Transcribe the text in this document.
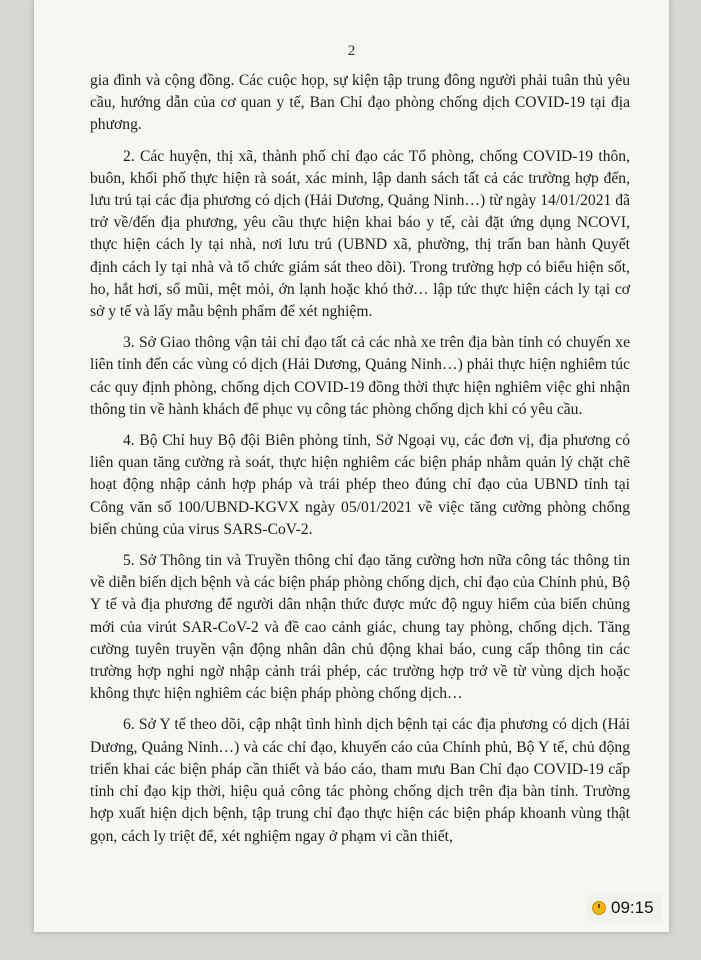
2

gia đình và cộng đồng. Các cuộc họp, sự kiện tập trung đông người phải tuân thủ yêu cầu, hướng dẫn của cơ quan y tế, Ban Chỉ đạo phòng chống dịch COVID-19 tại địa phương.

2. Các huyện, thị xã, thành phố chỉ đạo các Tổ phòng, chống COVID-19 thôn, buôn, khối phố thực hiện rà soát, xác minh, lập danh sách tất cả các trường hợp đến, lưu trú tại các địa phương có dịch (Hải Dương, Quảng Ninh…) từ ngày 14/01/2021 đã trở về/đến địa phương, yêu cầu thực hiện khai báo y tế, cài đặt ứng dụng NCOVI, thực hiện cách ly tại nhà, nơi lưu trú (UBND xã, phường, thị trấn ban hành Quyết định cách ly tại nhà và tổ chức giám sát theo dõi). Trong trường hợp có biểu hiện sốt, ho, hắt hơi, sổ mũi, mệt mỏi, ớn lạnh hoặc khó thở… lập tức thực hiện cách ly tại cơ sở y tế và lấy mẫu bệnh phẩm để xét nghiệm.

3. Sở Giao thông vận tải chỉ đạo tất cả các nhà xe trên địa bàn tỉnh có chuyến xe liên tỉnh đến các vùng có dịch (Hải Dương, Quảng Ninh…) phải thực hiện nghiêm túc các quy định phòng, chống dịch COVID-19 đồng thời thực hiện nghiêm việc ghi nhận thông tin về hành khách để phục vụ công tác phòng chống dịch khi có yêu cầu.

4. Bộ Chỉ huy Bộ đội Biên phòng tỉnh, Sở Ngoại vụ, các đơn vị, địa phương có liên quan tăng cường rà soát, thực hiện nghiêm các biện pháp nhằm quản lý chặt chẽ hoạt động nhập cảnh hợp pháp và trái phép theo đúng chỉ đạo của UBND tỉnh tại Công văn số 100/UBND-KGVX ngày 05/01/2021 về việc tăng cường phòng chống biến chủng của virus SARS-CoV-2.

5. Sở Thông tin và Truyền thông chỉ đạo tăng cường hơn nữa công tác thông tin về diễn biến dịch bệnh và các biện pháp phòng chống dịch, chỉ đạo của Chính phủ, Bộ Y tế và địa phương để người dân nhận thức được mức độ nguy hiểm của biến chủng mới của virút SAR-CoV-2 và đề cao cảnh giác, chung tay phòng, chống dịch. Tăng cường tuyên truyền vận động nhân dân chủ động khai báo, cung cấp thông tin các trường hợp nghi ngờ nhập cảnh trái phép, các trường hợp trở về từ vùng dịch hoặc không thực hiện nghiêm các biện pháp phòng chống dịch…

6. Sở Y tế theo dõi, cập nhật tình hình dịch bệnh tại các địa phương có dịch (Hải Dương, Quảng Ninh…) và các chỉ đạo, khuyến cáo của Chính phủ, Bộ Y tế, chủ động triển khai các biện pháp cần thiết và báo cáo, tham mưu Ban Chỉ đạo COVID-19 cấp tỉnh chỉ đạo kịp thời, hiệu quả công tác phòng chống dịch trên địa bàn tỉnh. Trường hợp xuất hiện dịch bệnh, tập trung chỉ đạo thực hiện các biện pháp khoanh vùng thật gọn, cách ly triệt để, xét nghiệm ngay ở phạm vi cần thiết,

09:15
